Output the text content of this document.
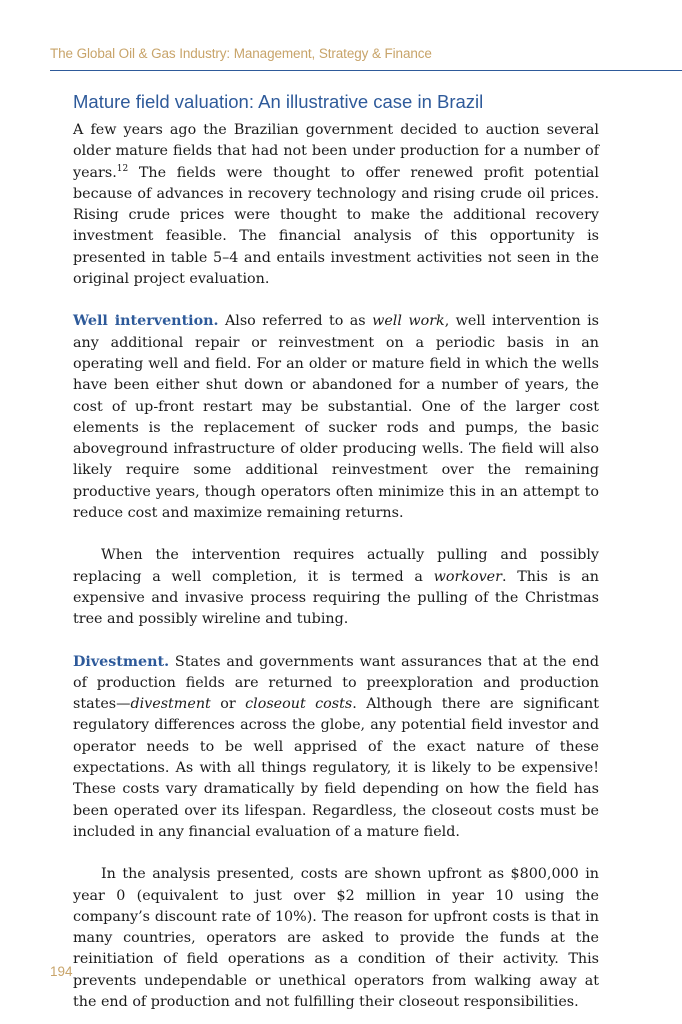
The Global Oil & Gas Industry: Management, Strategy & Finance
Mature field valuation: An illustrative case in Brazil

A few years ago the Brazilian government decided to auction several older mature fields that had not been under production for a number of years.$^{12}$ The fields were thought to offer renewed profit potential because of advances in recovery technology and rising crude oil prices. Rising crude prices were thought to make the additional recovery investment feasible. The financial analysis of this opportunity is presented in table 5–4 and entails investment activities not seen in the original project evaluation.

Well intervention. Also referred to as well work, well intervention is any additional repair or reinvestment on a periodic basis in an operating well and field. For an older or mature field in which the wells have been either shut down or abandoned for a number of years, the cost of up-front restart may be substantial. One of the larger cost elements is the replacement of sucker rods and pumps, the basic aboveground infrastructure of older producing wells. The field will also likely require some additional reinvestment over the remaining productive years, though operators often minimize this in an attempt to reduce cost and maximize remaining returns.

When the intervention requires actually pulling and possibly replacing a well completion, it is termed a workover. This is an expensive and invasive process requiring the pulling of the Christmas tree and possibly wireline and tubing.

Divestment. States and governments want assurances that at the end of production fields are returned to preexploration and production states—divestment or closeout costs. Although there are significant regulatory differences across the globe, any potential field investor and operator needs to be well apprised of the exact nature of these expectations. As with all things regulatory, it is likely to be expensive! These costs vary dramatically by field depending on how the field has been operated over its lifespan. Regardless, the closeout costs must be included in any financial evaluation of a mature field.

In the analysis presented, costs are shown upfront as $800,000 in year 0 (equivalent to just over $2 million in year 10 using the company’s discount rate of 10%). The reason for upfront costs is that in many countries, operators are asked to provide the funds at the reinitiation of field operations as a condition of their activity. This prevents undependable or unethical operators from walking away at the end of production and not fulfilling their closeout responsibilities.

194
